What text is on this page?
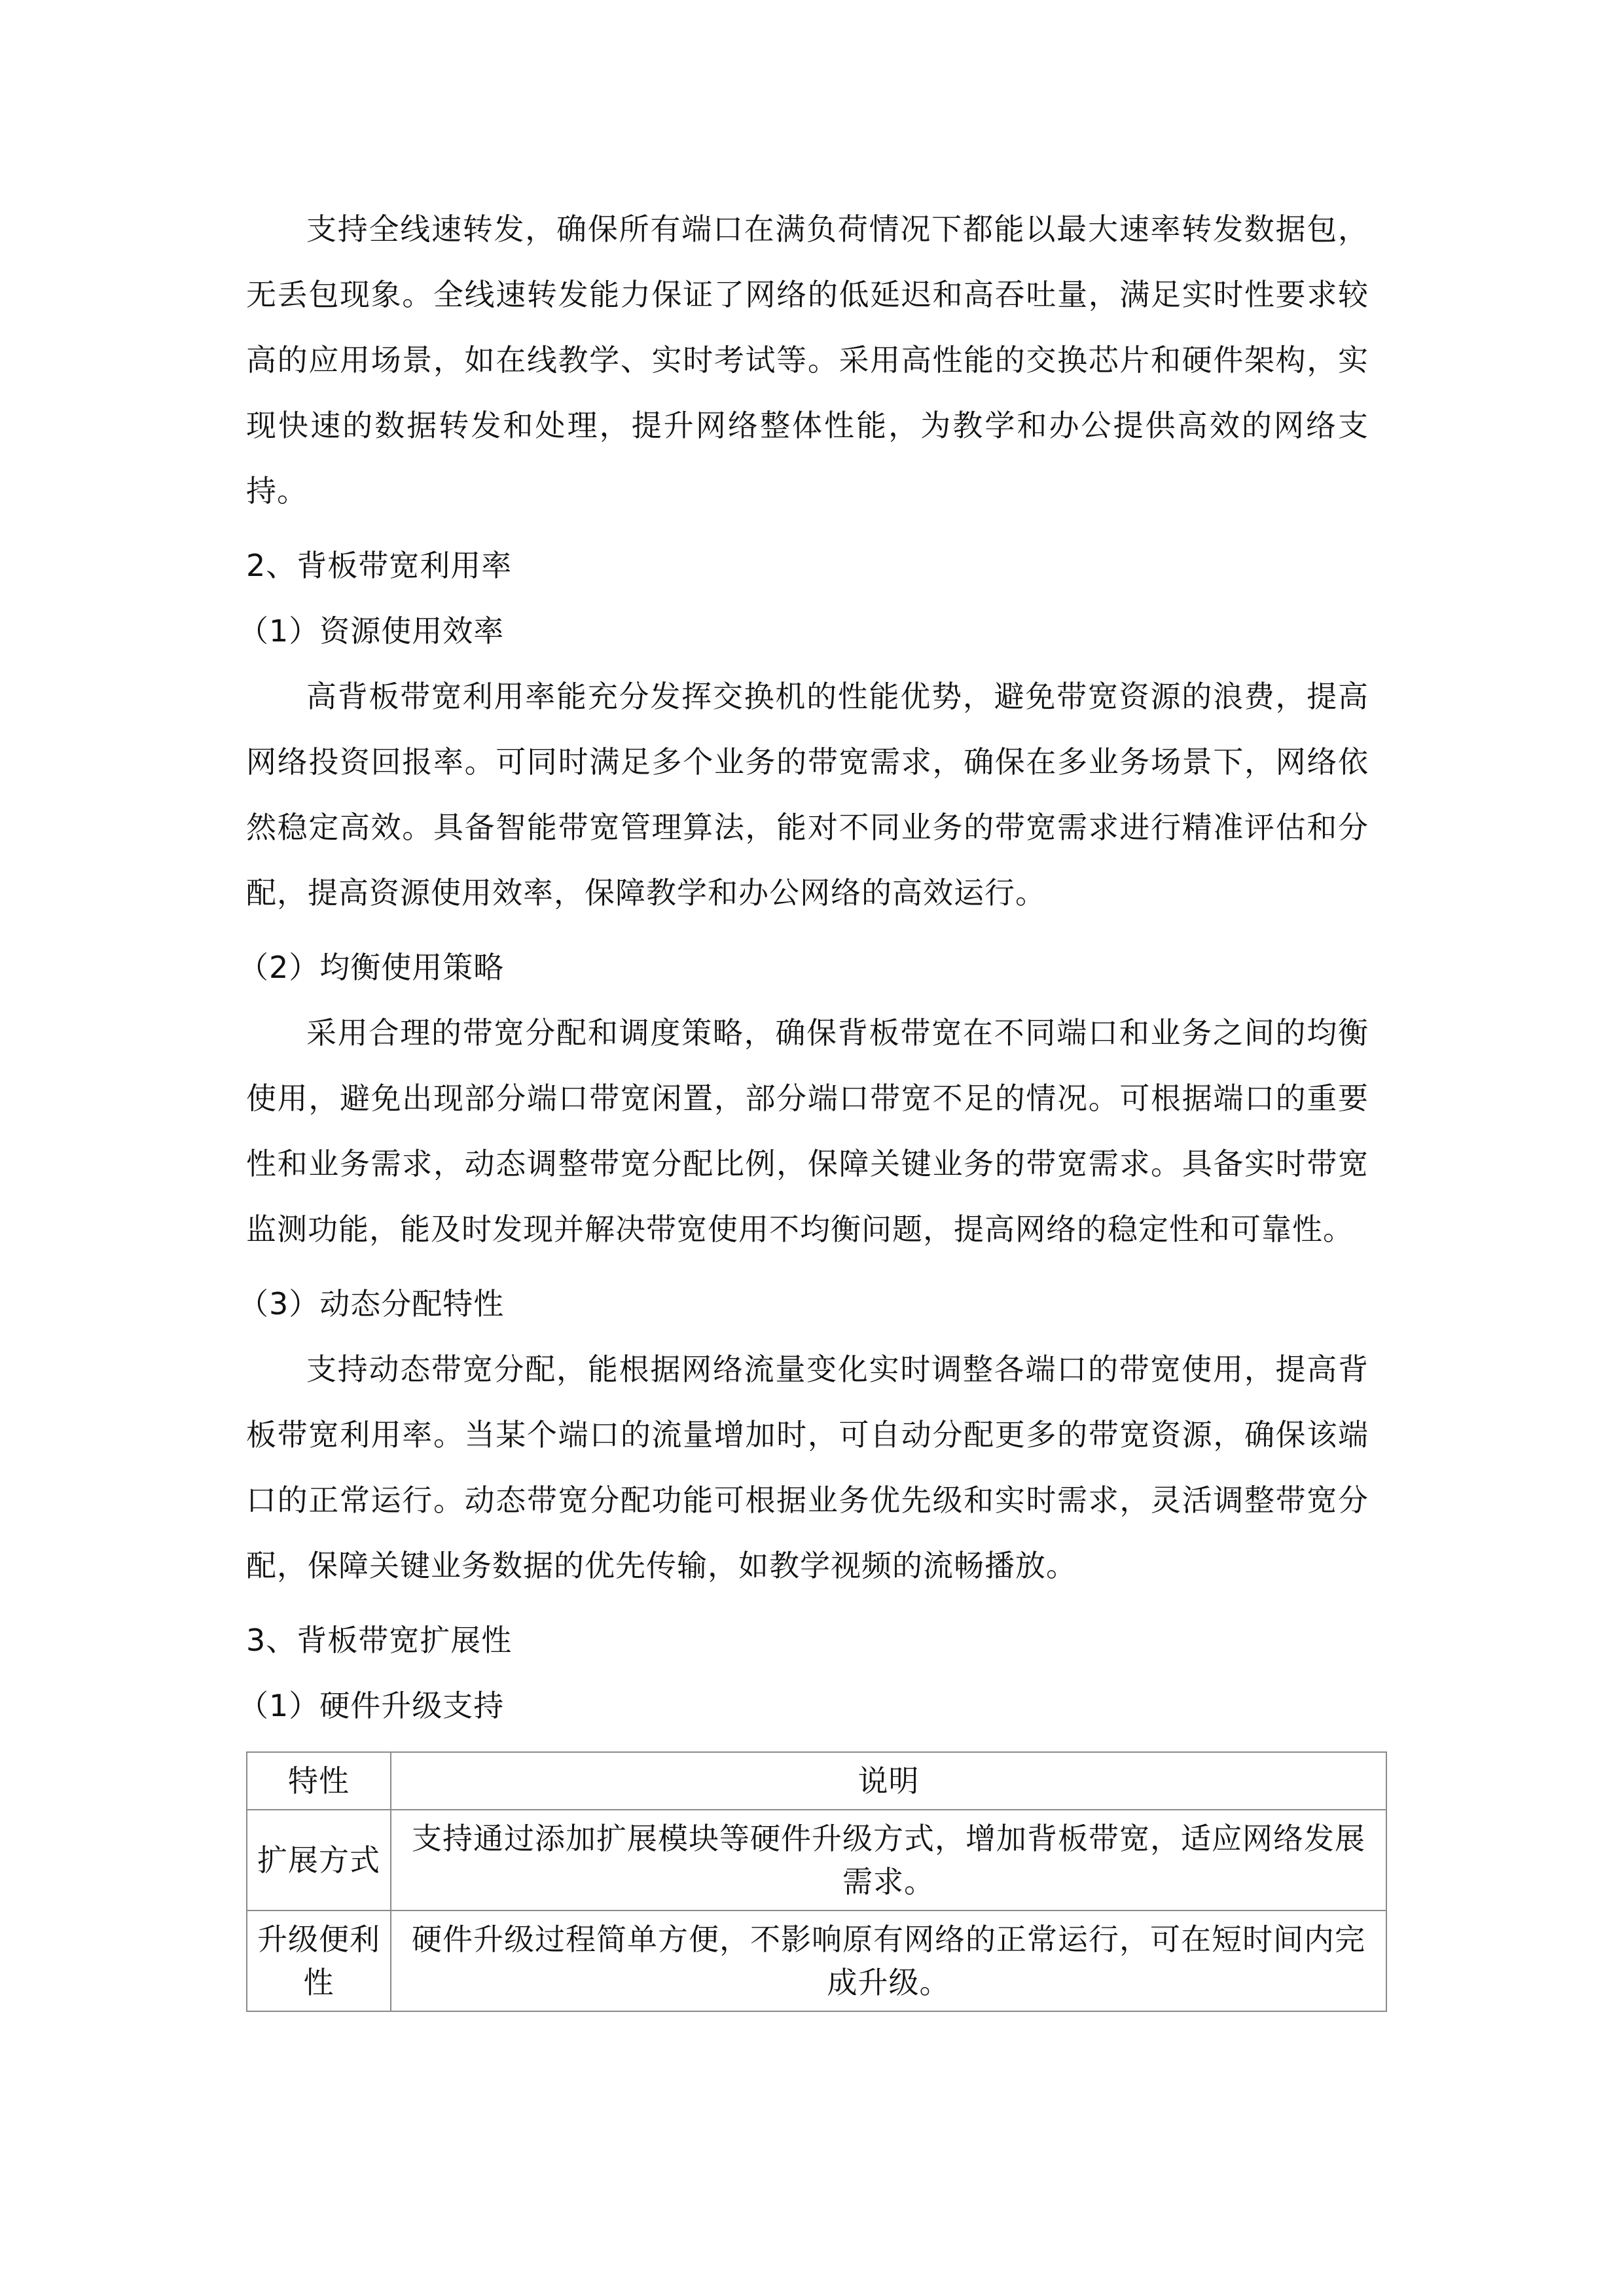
支持全线速转发，确保所有端口在满负荷情况下都能以最大速率转发数据包，无丢包现象。全线速转发能力保证了网络的低延迟和高吞吐量，满足实时性要求较高的应用场景，如在线教学、实时考试等。采用高性能的交换芯片和硬件架构，实现快速的数据转发和处理，提升网络整体性能，为教学和办公提供高效的网络支持。

2、背板带宽利用率

（1）资源使用效率

高背板带宽利用率能充分发挥交换机的性能优势，避免带宽资源的浪费，提高网络投资回报率。可同时满足多个业务的带宽需求，确保在多业务场景下，网络依然稳定高效。具备智能带宽管理算法，能对不同业务的带宽需求进行精准评估和分配，提高资源使用效率，保障教学和办公网络的高效运行。

（2）均衡使用策略

采用合理的带宽分配和调度策略，确保背板带宽在不同端口和业务之间的均衡使用，避免出现部分端口带宽闲置，部分端口带宽不足的情况。可根据端口的重要性和业务需求，动态调整带宽分配比例，保障关键业务的带宽需求。具备实时带宽监测功能，能及时发现并解决带宽使用不均衡问题，提高网络的稳定性和可靠性。

（3）动态分配特性

支持动态带宽分配，能根据网络流量变化实时调整各端口的带宽使用，提高背板带宽利用率。当某个端口的流量增加时，可自动分配更多的带宽资源，确保该端口的正常运行。动态带宽分配功能可根据业务优先级和实时需求，灵活调整带宽分配，保障关键业务数据的优先传输，如教学视频的流畅播放。

3、背板带宽扩展性

（1）硬件升级支持

特性	说明
扩展方式	支持通过添加扩展模块等硬件升级方式，增加背板带宽，适应网络发展需求。
升级便利性	硬件升级过程简单方便，不影响原有网络的正常运行，可在短时间内完成升级。
